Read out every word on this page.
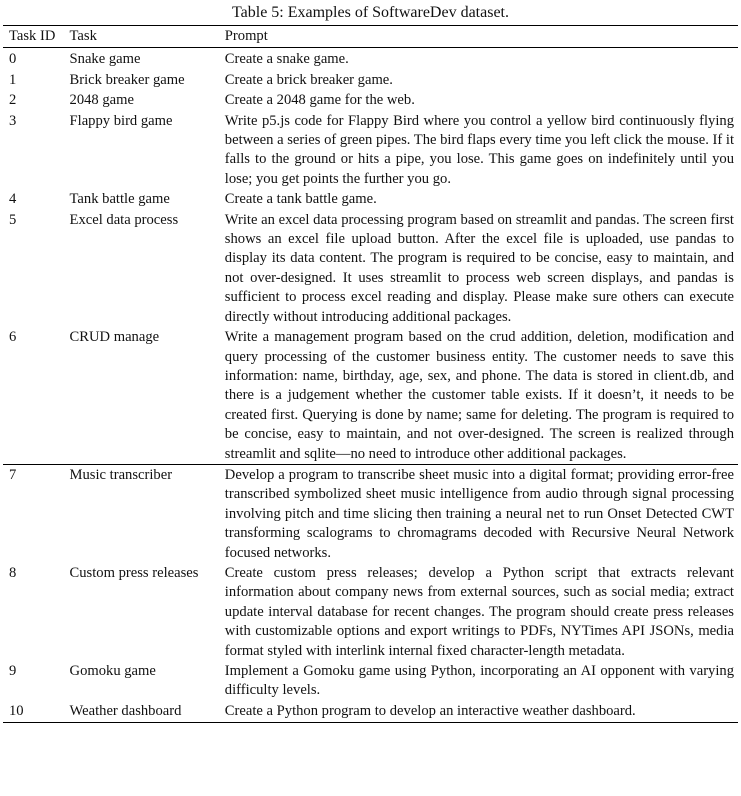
Table 5: Examples of SoftwareDev dataset.
Task ID	Task	Prompt
0	Snake game	Create a snake game.
1	Brick breaker game	Create a brick breaker game.
2	2048 game	Create a 2048 game for the web.
3	Flappy bird game	Write p5.js code for Flappy Bird where you control a yellow bird continuously flying between a series of green pipes. The bird flaps every time you left click the mouse. If it falls to the ground or hits a pipe, you lose. This game goes on indefinitely until you lose; you get points the further you go.
4	Tank battle game	Create a tank battle game.
5	Excel data process	Write an excel data processing program based on streamlit and pandas. The screen first shows an excel file upload button. After the excel file is uploaded, use pandas to display its data content. The program is required to be concise, easy to maintain, and not over-designed. It uses streamlit to process web screen displays, and pandas is sufficient to process excel reading and display. Please make sure others can execute directly without introducing additional packages.
6	CRUD manage	Write a management program based on the crud addition, deletion, modification and query processing of the customer business entity. The customer needs to save this information: name, birthday, age, sex, and phone. The data is stored in client.db, and there is a judgement whether the customer table exists. If it doesn’t, it needs to be created first. Querying is done by name; same for deleting. The program is required to be concise, easy to maintain, and not over-designed. The screen is realized through streamlit and sqlite—no need to introduce other additional packages.
7	Music transcriber	Develop a program to transcribe sheet music into a digital format; providing error-free transcribed symbolized sheet music intelligence from audio through signal processing involving pitch and time slicing then training a neural net to run Onset Detected CWT transforming scalograms to chromagrams decoded with Recursive Neural Network focused networks.
8	Custom press releases	Create custom press releases; develop a Python script that extracts relevant information about company news from external sources, such as social media; extract update interval database for recent changes. The program should create press releases with customizable options and export writings to PDFs, NYTimes API JSONs, media format styled with interlink internal fixed character-length metadata.
9	Gomoku game	Implement a Gomoku game using Python, incorporating an AI opponent with varying difficulty levels.
10	Weather dashboard	Create a Python program to develop an interactive weather dashboard.
